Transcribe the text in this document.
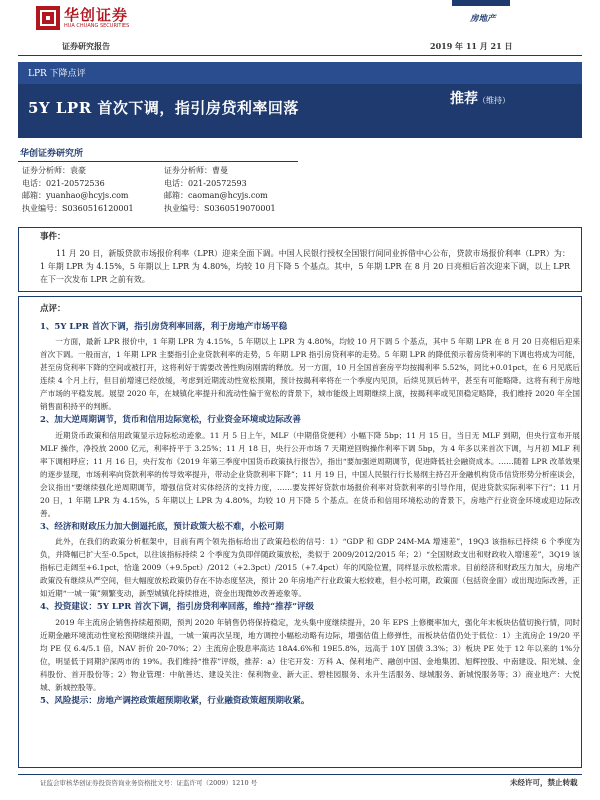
华创证券
HUA CHUANG SECURITIES
证券研究报告
房地产
2019 年 11 月 21 日
LPR 下降点评
5Y LPR 首次下调，指引房贷利率回落	推荐（维持）
华创证券研究所
证券分析师：袁豪
电话：021-20572536
邮箱：yuanhao@hcyjs.com
执业编号：S0360516120001
证券分析师：曹曼
电话：021-20572593
邮箱：caoman@hcyjs.com
执业编号：S0360519070001
事件：
11 月 20 日，新版贷款市场报价利率（LPR）迎来全面下调。中国人民银行授权全国银行间同业拆借中心公布，贷款市场报价利率（LPR）为：1 年期 LPR 为 4.15%，5 年期以上 LPR 为 4.80%，均较 10 月下降 5 个基点。其中，5 年期 LPR 在 8 月 20 日亮相后首次迎来下调，以上 LPR 在下一次发布 LPR 之前有效。
点评：
1、5Y LPR 首次下调，指引房贷利率回落，利于房地产市场平稳

一方面，最新 LPR 报价中，1 年期 LPR 为 4.15%，5 年期以上 LPR 为 4.80%，均较 10 月下调 5 个基点，其中 5 年期 LPR 在 8 月 20 日亮相后迎来首次下调。一般而言，1 年期 LPR 主要指引企业贷款利率的走势，5 年期 LPR 指引房贷利率的走势。5 年期 LPR 的降低预示着房贷利率的下调也将成为可能，甚至房贷利率下降的空间或被打开，这将利好于需要改善性购房刚需的释放。另一方面，10 月全国首套房平均按揭利率 5.52%，同比+0.01pct，在 6 月见底后连续 4 个月上行，但目前增速已经放缓，考虑到近期流动性宽松预期，预计按揭利率将在一个季度内见顶，后续见顶后转平，甚至有可能略降。这将有利于房地产市场的平稳发展。展望 2020 年，在城镇化率提升和流动性偏于宽松的背景下，城市能级上周期继续上演，按揭利率或见顶稳定略降，我们维持 2020 年全国销售面积持平的判断。

2、加大逆周期调节，货币和信用边际宽松，行业资金环境或边际改善

近期货币政策和信用政策显示边际松动迹象。11 月 5 日上午，MLF（中期借贷便利）小幅下降 5bp；11 月 15 日，当日无 MLF 到期，但央行宣布开展 MLF 操作，净投放 2000 亿元，利率持平于 3.25%；11 月 18 日，央行公开市场 7 天期逆回购操作利率下调 5bp，为 4 年多以来首次下调，与月初 MLF 利率下调相呼应；11 月 16 日，央行发布《2019 年第三季度中国货币政策执行报告》，指出“要加强逆周期调节，促进降低社会融资成本。……随着 LPR 改革效果的逐步显现，市场利率向贷款利率的传导效率提升，带动企业贷款利率下降”；11 月 19 日，中国人民银行行长易纲主持召开金融机构货币信贷形势分析座谈会，会议指出“要继续强化逆周期调节，增强信贷对实体经济的支持力度，……要发挥好贷款市场报价利率对贷款利率的引导作用，促进贷款实际利率下行”；11 月 20 日，1 年期 LPR 为 4.15%，5 年期以上 LPR 为 4.80%，均较 10 月下降 5 个基点。在货币和信用环境松动的背景下，房地产行业资金环境或迎边际改善。

3、经济和财政压力加大倒逼托底，预计政策大松不难，小松可期

此外，在我们的政策分析框架中，目前有两个领先指标给出了政策趋松的信号：1）“GDP 和 GDP 24M-MA 增速差”，19Q3 该指标已持续 6 个季度为负，并降幅已扩大至-0.5pct，以往该指标持续 2 个季度为负即伴随政策放松，类似于 2009/2012/2015 年；2）“全国财政支出和财政收入增速差”，3Q19 该指标已走阔至+6.1pct，恰逢 2009（+9.5pct）/2012（+2.3pct）/2015（+7.4pct）年的风险位置，同样显示放松需求。目前经济和财政压力加大，房地产政策没有继续从严空间，但大幅度放松政策仍存在不协态度坚决，预计 20 年房地产行业政策大松较难，但小松可期，政策面（包括资金面）或出现边际改善，正如近期“一城一策”频繁变动，新型城镇化持续推进，资金出现微妙改善迹象等。

4、投资建议：5Y LPR 首次下调，指引房贷利率回落，维持“推荐”评级

2019 年主流房企销售持续超预期，预判 2020 年销售仍将保持稳定，龙头集中度继续提升，20 年 EPS 上修概率加大，强化年末板块估值切换行情，同时近期金融环境流动性宽松预期继续升温，一城一策再次呈现，地方调控小幅松动略有边际，增强估值上修弹性，而板块估值仍处于低位：1）主流房企 19/20 平均 PE 仅 6.4/5.1 倍，NAV 折价 20-70%；2）主流房企股息率高达 18A4.6%和 19E5.8%，远高于 10Y 国债 3.3%；3）板块 PE 处于 12 年以来的 1%分位，明显低于同期沪深两市的 19%。我们维持“推荐”评级，推荐：a）住宅开发：万科 A、保利地产、融创中国、金地集团、旭辉控股、中南建设、阳光城、金科股份、首开股份等；2）物业管理：中航善达、建设关注：保利物业、新大正、碧桂园服务、永升生活服务、绿城服务、新城悦服务等；3）商业地产：大悦城、新城控股等。

5、风险提示：房地产调控政策超预期收紧，行业融资政策超预期收紧。
证监会审核华创证券投资咨询业务资格批文号：证监许可（2009）1210 号	未经许可，禁止转载
